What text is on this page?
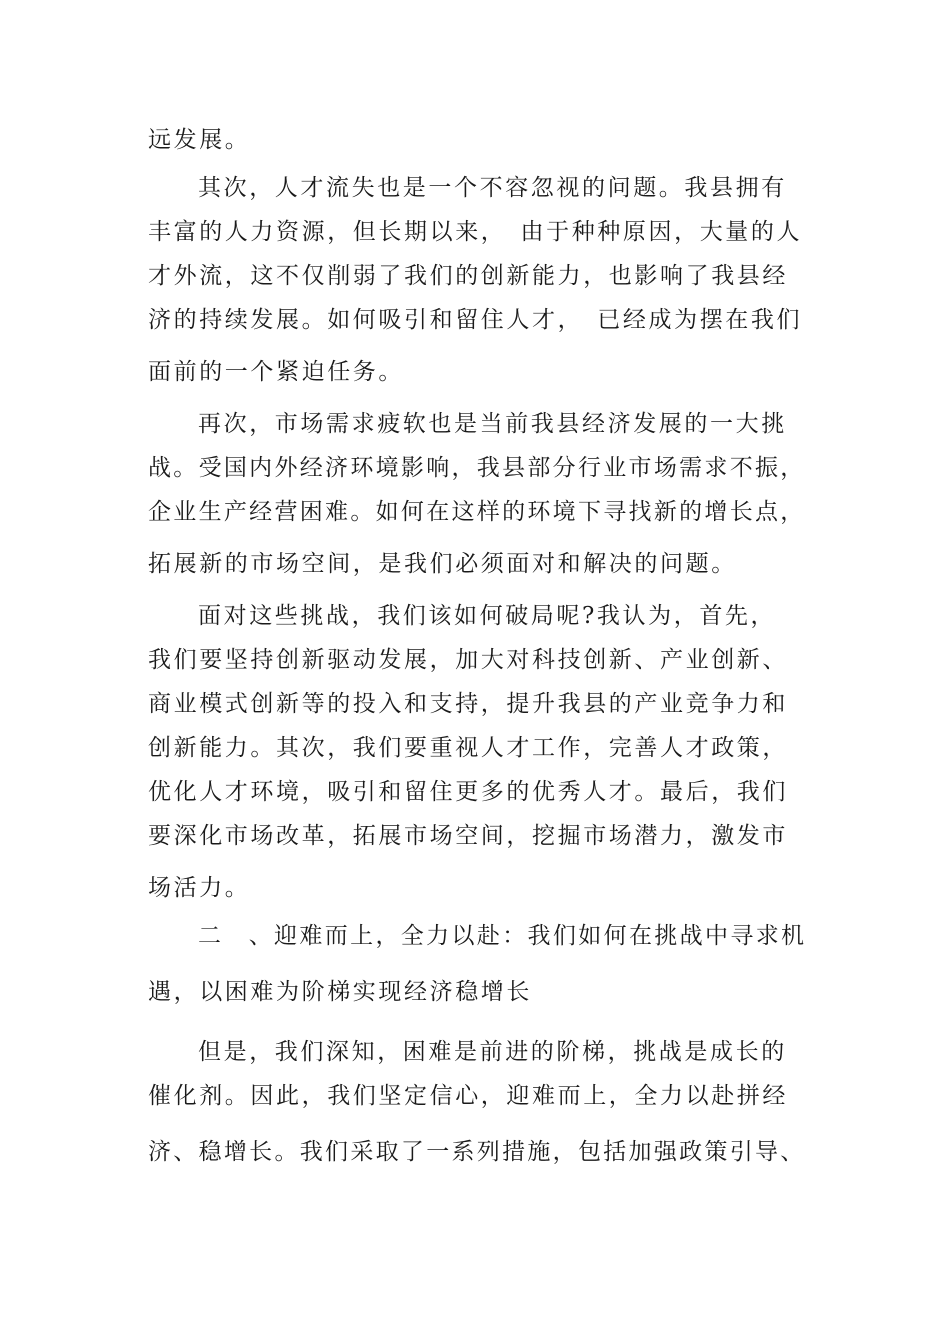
远发展。

其次，人才流失也是一个不容忽视的问题。我县拥有

丰富的人力资源，但长期以来，　由于种种原因，大量的人

才外流，这不仅削弱了我们的创新能力，也影响了我县经

济的持续发展。如何吸引和留住人才，　已经成为摆在我们

面前的一个紧迫任务。

再次，市场需求疲软也是当前我县经济发展的一大挑

战。受国内外经济环境影响，我县部分行业市场需求不振，

企业生产经营困难。如何在这样的环境下寻找新的增长点，

拓展新的市场空间，是我们必须面对和解决的问题。

面对这些挑战，我们该如何破局呢?我认为，首先，

我们要坚持创新驱动发展，加大对科技创新、产业创新、

商业模式创新等的投入和支持，提升我县的产业竞争力和

创新能力。其次，我们要重视人才工作，完善人才政策，

优化人才环境，吸引和留住更多的优秀人才。最后，我们

要深化市场改革，拓展市场空间，挖掘市场潜力，激发市

场活力。

二　、迎难而上，全力以赴：我们如何在挑战中寻求机

遇，以困难为阶梯实现经济稳增长

但是，我们深知，困难是前进的阶梯，挑战是成长的

催化剂。因此，我们坚定信心，迎难而上，全力以赴拼经

济、稳增长。我们采取了一系列措施，包括加强政策引导、
